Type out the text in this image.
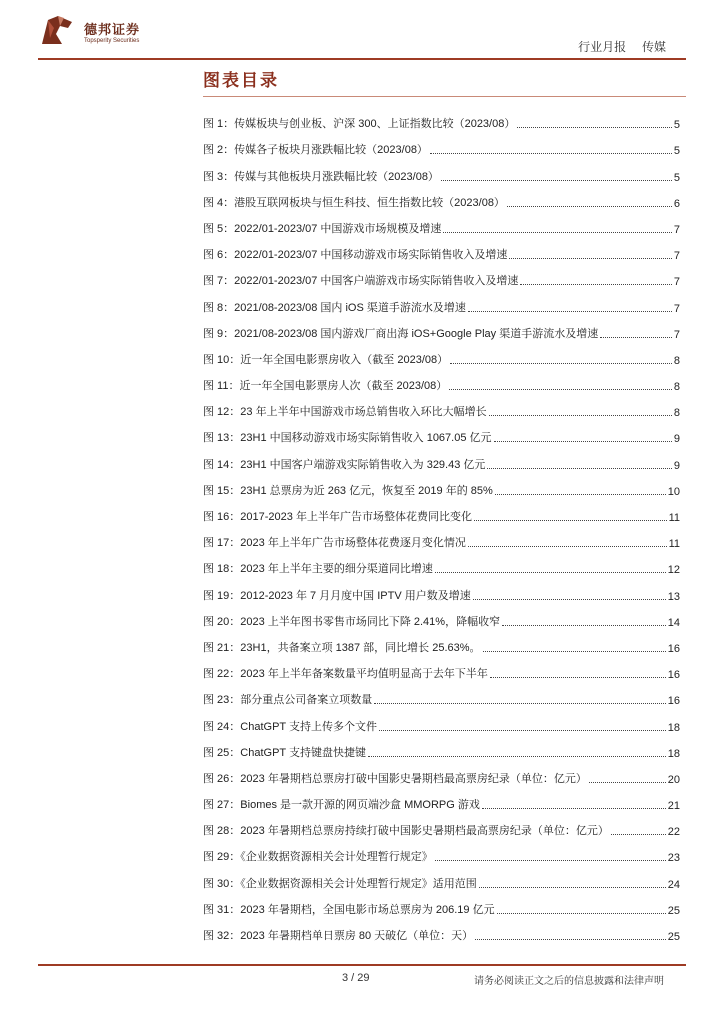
德邦证券
Topsperity Securities	行业月报 传媒
图表目录
图 1：传媒板块与创业板、沪深 300、上证指数比较（2023/08）	5
图 2：传媒各子板块月涨跌幅比较（2023/08）	5
图 3：传媒与其他板块月涨跌幅比较（2023/08）	5
图 4：港股互联网板块与恒生科技、恒生指数比较（2023/08）	6
图 5：2022/01-2023/07 中国游戏市场规模及增速	7
图 6：2022/01-2023/07 中国移动游戏市场实际销售收入及增速	7
图 7：2022/01-2023/07 中国客户端游戏市场实际销售收入及增速	7
图 8：2021/08-2023/08 国内 iOS 渠道手游流水及增速	7
图 9：2021/08-2023/08 国内游戏厂商出海 iOS+Google Play 渠道手游流水及增速	7
图 10：近一年全国电影票房收入（截至 2023/08）	8
图 11：近一年全国电影票房人次（截至 2023/08）	8
图 12：23 年上半年中国游戏市场总销售收入环比大幅增长	8
图 13：23H1 中国移动游戏市场实际销售收入 1067.05 亿元	9
图 14：23H1 中国客户端游戏实际销售收入为 329.43 亿元	9
图 15：23H1 总票房为近 263 亿元，恢复至 2019 年的 85%	10
图 16：2017-2023 年上半年广告市场整体花费同比变化	11
图 17：2023 年上半年广告市场整体花费逐月变化情况	11
图 18：2023 年上半年主要的细分渠道同比增速	12
图 19：2012-2023 年 7 月月度中国 IPTV 用户数及增速	13
图 20：2023 上半年图书零售市场同比下降 2.41%，降幅收窄	14
图 21：23H1，共备案立项 1387 部，同比增长 25.63%。	16
图 22：2023 年上半年备案数量平均值明显高于去年下半年	16
图 23：部分重点公司备案立项数量	16
图 24：ChatGPT 支持上传多个文件	18
图 25：ChatGPT 支持键盘快捷键	18
图 26：2023 年暑期档总票房打破中国影史暑期档最高票房纪录（单位：亿元）	20
图 27：Biomes 是一款开源的网页端沙盒 MMORPG 游戏	21
图 28：2023 年暑期档总票房持续打破中国影史暑期档最高票房纪录（单位：亿元）	22
图 29：《企业数据资源相关会计处理暂行规定》	23
图 30：《企业数据资源相关会计处理暂行规定》适用范围	24
图 31：2023 年暑期档，全国电影市场总票房为 206.19 亿元	25
图 32：2023 年暑期档单日票房 80 天破亿（单位：天）	25
3 / 29	请务必阅读正文之后的信息披露和法律声明
